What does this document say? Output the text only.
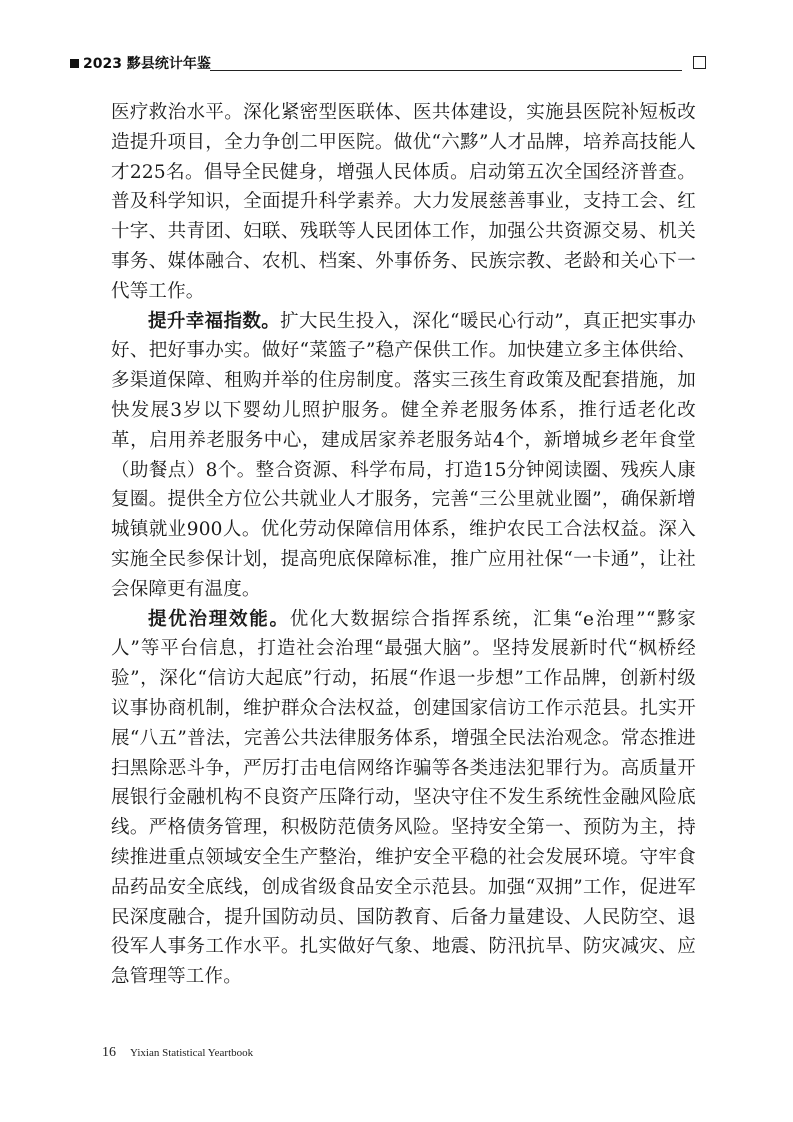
2023 黟县统计年鉴

医疗救治水平。深化紧密型医联体、医共体建设，实施县医院补短板改造提升项目，全力争创二甲医院。做优“六黟”人才品牌，培养高技能人才225名。倡导全民健身，增强人民体质。启动第五次全国经济普查。普及科学知识，全面提升科学素养。大力发展慈善事业，支持工会、红十字、共青团、妇联、残联等人民团体工作，加强公共资源交易、机关事务、媒体融合、农机、档案、外事侨务、民族宗教、老龄和关心下一代等工作。

提升幸福指数。扩大民生投入，深化“暖民心行动”，真正把实事办好、把好事办实。做好“菜篮子”稳产保供工作。加快建立多主体供给、多渠道保障、租购并举的住房制度。落实三孩生育政策及配套措施，加快发展3岁以下婴幼儿照护服务。健全养老服务体系，推行适老化改革，启用养老服务中心，建成居家养老服务站4个，新增城乡老年食堂（助餐点）8个。整合资源、科学布局，打造15分钟阅读圈、残疾人康复圈。提供全方位公共就业人才服务，完善“三公里就业圈”，确保新增城镇就业900人。优化劳动保障信用体系，维护农民工合法权益。深入实施全民参保计划，提高兜底保障标准，推广应用社保“一卡通”，让社会保障更有温度。

提优治理效能。优化大数据综合指挥系统，汇集“e治理”“黟家人”等平台信息，打造社会治理“最强大脑”。坚持发展新时代“枫桥经验”，深化“信访大起底”行动，拓展“作退一步想”工作品牌，创新村级议事协商机制，维护群众合法权益，创建国家信访工作示范县。扎实开展“八五”普法，完善公共法律服务体系，增强全民法治观念。常态推进扫黑除恶斗争，严厉打击电信网络诈骗等各类违法犯罪行为。高质量开展银行金融机构不良资产压降行动，坚决守住不发生系统性金融风险底线。严格债务管理，积极防范债务风险。坚持安全第一、预防为主，持续推进重点领域安全生产整治，维护安全平稳的社会发展环境。守牢食品药品安全底线，创成省级食品安全示范县。加强“双拥”工作，促进军民深度融合，提升国防动员、国防教育、后备力量建设、人民防空、退役军人事务工作水平。扎实做好气象、地震、防汛抗旱、防灾减灾、应急管理等工作。

16 Yixian Statistical Yeartbook
